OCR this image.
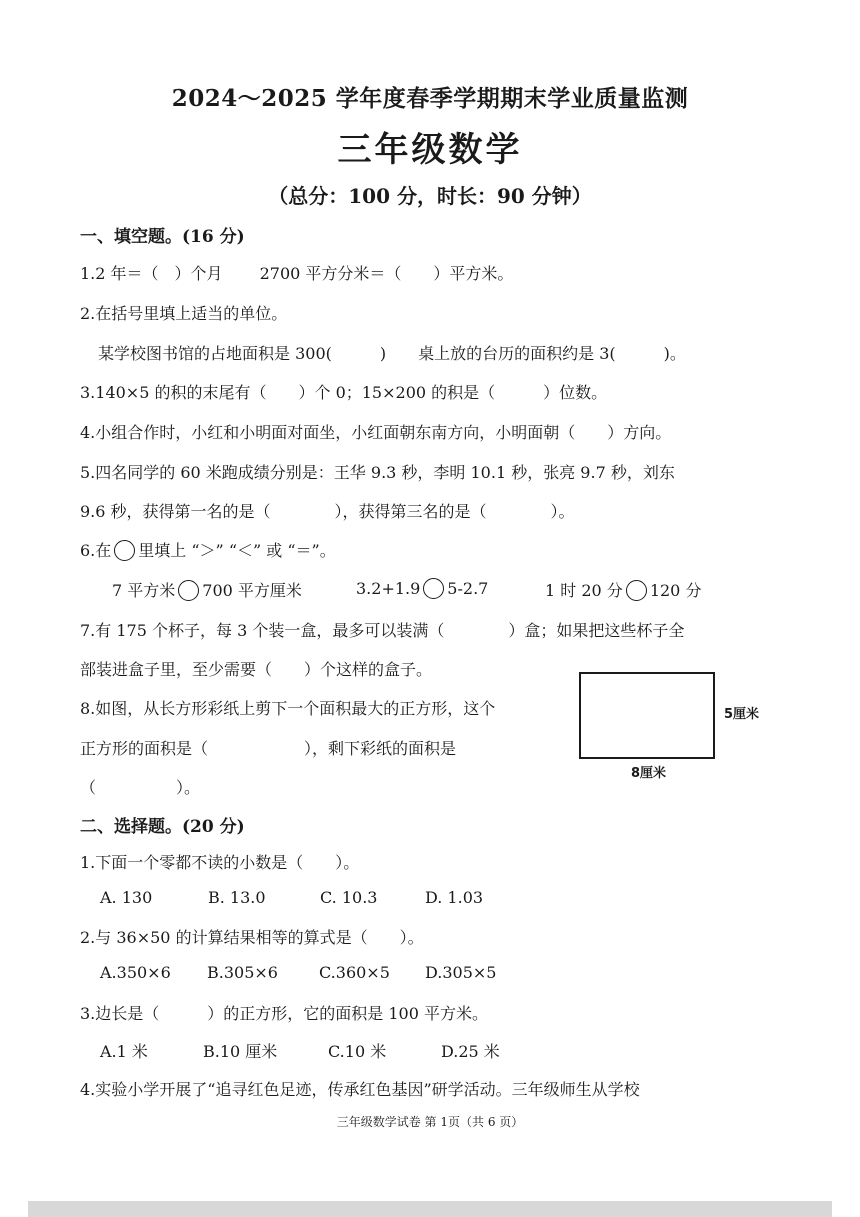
2024～2025 学年度春季学期期末学业质量监测
三年级数学
（总分：100 分，时长：90 分钟）
一、填空题。(16 分)
1.2 年＝（　）个月　　 2700 平方分米＝（　　）平方米。
2.在括号里填上适当的单位。
某学校图书馆的占地面积是 300(　　　)　　桌上放的台历的面积约是 3(　　　)。
3.140×5 的积的末尾有（　　）个 0；15×200 的积是（　　　）位数。
4.小组合作时，小红和小明面对面坐，小红面朝东南方向，小明面朝（　　）方向。
5.四名同学的 60 米跑成绩分别是：王华 9.3 秒，李明 10.1 秒，张亮 9.7 秒，刘东
9.6 秒，获得第一名的是（　　　　），获得第三名的是（　　　　）。
6.在 里填上 “＞” “＜” 或 “＝”。
7 平方米 700 平方厘米	3.2+1.9 5-2.7	1 时 20 分 120 分
7.有 175 个杯子，每 3 个装一盒，最多可以装满（　　　　）盒；如果把这些杯子全
部装进盒子里，至少需要（　　）个这样的盒子。
8.如图，从长方形彩纸上剪下一个面积最大的正方形，这个
正方形的面积是（　　　　　　），剩下彩纸的面积是
（　　　　　）。
5厘米
8厘米
二、选择题。(20 分)
1.下面一个零都不读的小数是（　　）。
A. 130	B. 13.0	C. 10.3	D. 1.03
2.与 36×50 的计算结果相等的算式是（　　）。
A.350×6 B.305×6	C.360×5 D.305×5
3.边长是（　　　）的正方形，它的面积是 100 平方米。
A.1 米	B.10 厘米	C.10 米	D.25 米
4.实验小学开展了“追寻红色足迹，传承红色基因”研学活动。三年级师生从学校
三年级数学试卷 第 1页（共 6 页）
